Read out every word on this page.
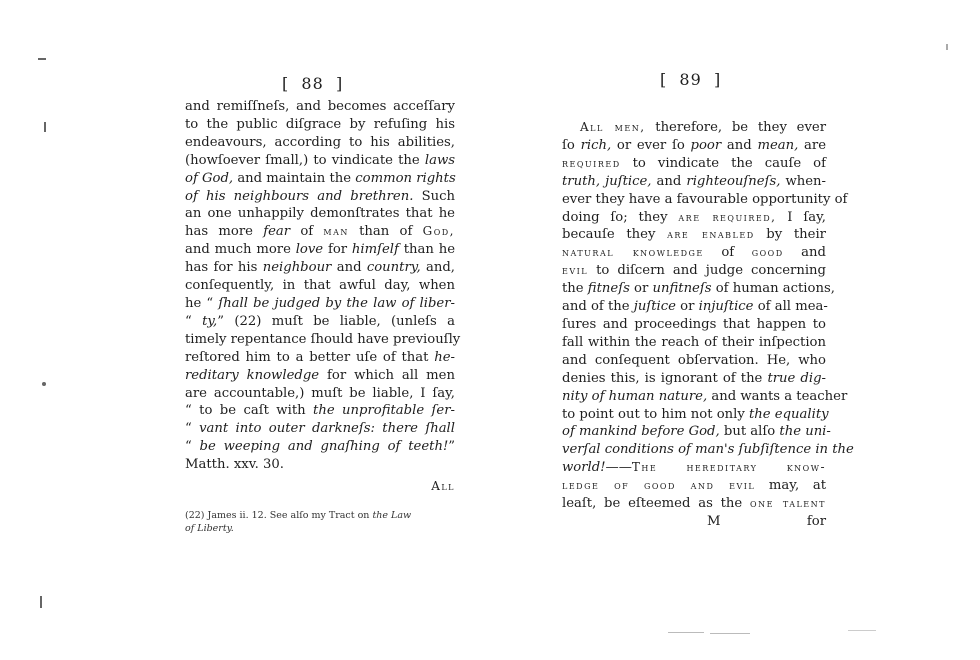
[  88  ]
and remiſſneſs, and becomes acceſſary
to the public diſgrace by refuſing his
endeavours, according to his abilities,
(howſoever ſmall,) to vindicate the laws
of God, and maintain the common rights
of his neighbours and brethren. Such
an one unhappily demonſtrates that he
has more fear of man than of God,
and much more love for himſelf than he
has for his neighbour and country, and,
conſequently, in that awful day, when
he “ ſhall be judged by the law of liber-
“ ty,” (22) muſt be liable, (unleſs a
timely repentance ſhould have previouſly
reſtored him to a better uſe of that he-
reditary knowledge for which all men
are accountable,) muſt be liable, I ſay,
“ to be caſt with the unprofitable ſer-
“ vant into outer darkneſs: there ſhall
“ be weeping and gnaſhing of teeth!”
Matth. xxv. 30.
All
(22) James ii. 12. See alſo my Tract on the Law
of Liberty.
[  89  ]
All men, therefore, be they ever
ſo rich, or ever ſo poor and mean, are
required to vindicate the cauſe of
truth, juſtice, and righteouſneſs, when-
ever they have a favourable opportunity of
doing ſo; they are required, I ſay,
becauſe they are enabled by their
natural knowledge of good and
evil to diſcern and judge concerning
the fitneſs or unfitneſs of human actions,
and of the juſtice or injuſtice of all mea-
ſures and proceedings that happen to
fall within the reach of their inſpection
and conſequent obſervation. He, who
denies this, is ignorant of the true dig-
nity of human nature, and wants a teacher
to point out to him not only the equality
of mankind before God, but alſo the uni-
verſal conditions of man's ſubſiſtence in the
world!——The hereditary know-
ledge of good and evil may, at
leaſt, be eſteemed as the one talent
M	for
